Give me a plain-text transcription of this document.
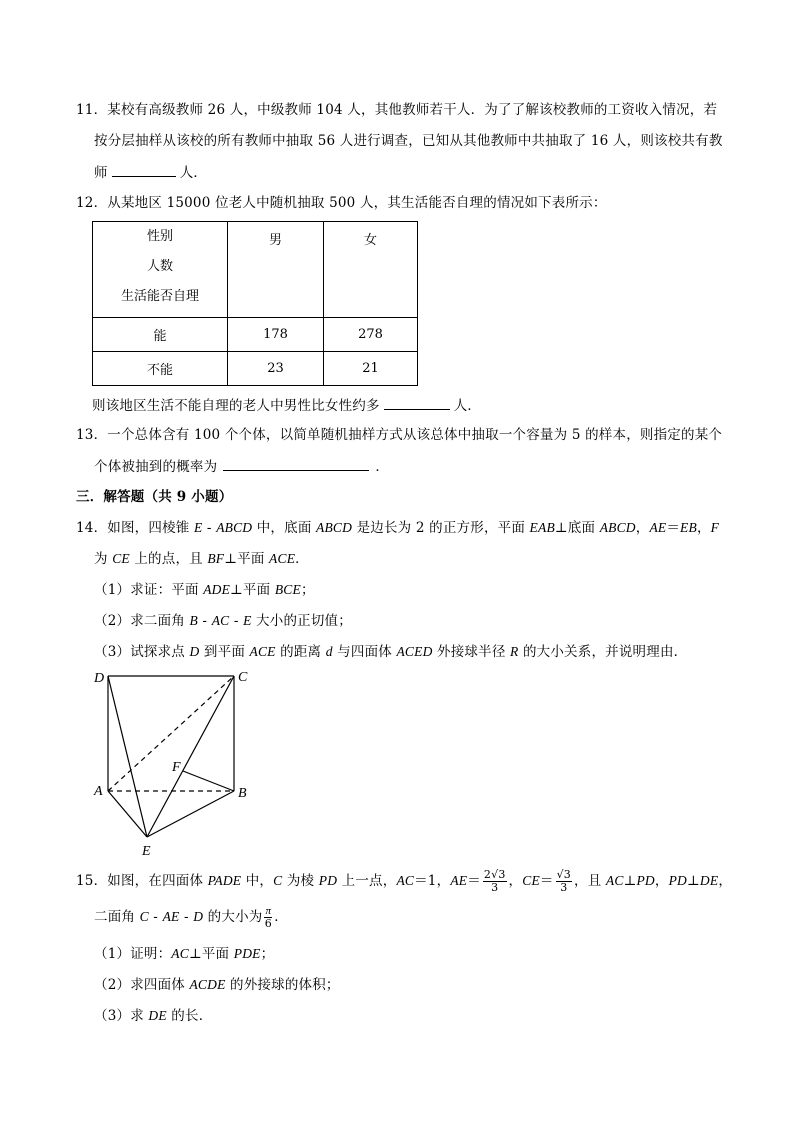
11．某校有高级教师 26 人，中级教师 104 人，其他教师若干人．为了了解该校教师的工资收入情况，若
按分层抽样从该校的所有教师中抽取 56 人进行调查，已知从其他教师中共抽取了 16 人，则该校共有教
师	人．
12．从某地区 15000 位老人中随机抽取 500 人，其生活能否自理的情况如下表所示：
性别
人数
生活能否自理	男	女
能	178	278
不能	23	21
则该地区生活不能自理的老人中男性比女性约多	人．
13．一个总体含有 100 个个体，以简单随机抽样方式从该总体中抽取一个容量为 5 的样本，则指定的某个
个体被抽到的概率为	．
三．解答题（共 9 小题）
14．如图，四棱锥 E - ABCD 中，底面 ABCD 是边长为 2 的正方形，平面 EAB⊥底面 ABCD，AE＝EB，F
为 CE 上的点，且 BF⊥平面 ACE．
（1）求证：平面 ADE⊥平面 BCE；
（2）求二面角 B - AC - E 大小的正切值；
（3）试探求点 D 到平面 ACE 的距离 d 与四面体 ACED 外接球半径 R 的大小关系，并说明理由．
D	C
A	B
F
E
15．如图，在四面体 PADE 中，C 为棱 PD 上一点，AC＝1，$AE= \frac{2√3}{3}$ ，$CE= \frac{√3}{3}$ ，且 AC⊥PD，PD⊥DE，
二面角 C - AE - D 的大小为 $\frac{\pi}{6}$ ．
（1）证明：AC⊥平面 PDE；
（2）求四面体 ACDE 的外接球的体积；
（3）求 DE 的长．
